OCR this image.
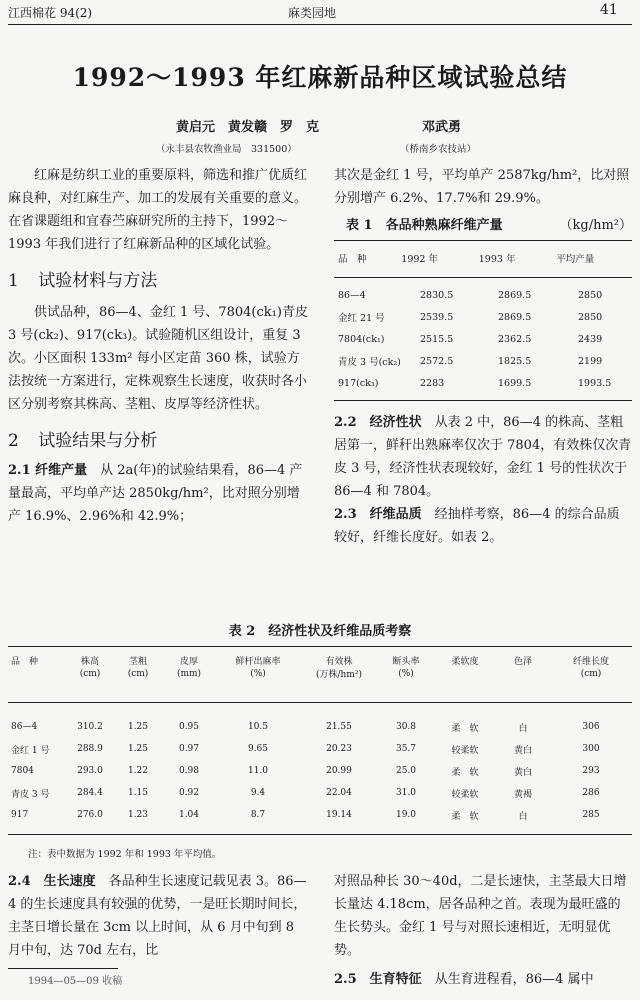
江西棉花 94(2)	麻类园地	41
1992～1993 年红麻新品种区域试验总结
黄启元　黄发赣　罗　克
（永丰县农牧渔业局　331500）
邓武勇
（桥南乡农技站）

红麻是纺织工业的重要原料，筛选和推广优质红麻良种，对红麻生产、加工的发展有关重要的意义。在省课题组和宜春苎麻研究所的主持下，1992～1993 年我们进行了红麻新品种的区域化试验。

1 试验材料与方法

供试品种，86—4、金红 1 号、7804(ck₁)青皮 3 号(ck₂)、917(ck₃)。试验随机区组设计，重复 3 次。小区面积 133m² 每小区定苗 360 株，试验方法按统一方案进行，定株观察生长速度，收获时各小区分别考察其株高、茎粗、皮厚等经济性状。

2 试验结果与分析

2.1 纤维产量　从 2a(年)的试验结果看，86—4 产量最高，平均单产达 2850kg/hm²，比对照分别增产 16.9%、2.96%和 42.9%；

其次是金红 1 号，平均单产 2587kg/hm²，比对照分别增产 6.2%、17.7%和 29.9%。

表 1　各品种熟麻纤维产量	（kg/hm²）
品　种	1992 年	1993 年	平均产量
86—4	2830.5	2869.5	2850
金红 21 号	2539.5	2869.5	2850
7804(ck₁)	2515.5	2362.5	2439
青皮 3 号(ck₂)	2572.5	1825.5	2199
917(ck₃)	2283	1699.5	1993.5

2.2　经济性状　从表 2 中，86—4 的株高、茎粗居第一，鲜秆出熟麻率仅次于 7804，有效株仅次青皮 3 号，经济性状表现较好，金红 1 号的性状次于 86—4 和 7804。

2.3　纤维品质　经抽样考察，86—4 的综合品质较好，纤维长度好。如表 2。

表 2　经济性状及纤维品质考察
品　种	株高	茎粗	皮厚	鲜杆出麻率	有效株	断头率	柔软度	色泽	纤维长度
	(cm)	(cm)	(mm)	(%)	(万株/hm²)	(%)			(cm)
86—4	310.2	1.25	0.95	10.5	21.55	30.8	柔　软	白	306
金红 1 号	288.9	1.25	0.97	9.65	20.23	35.7	较柔软	黄白	300
7804	293.0	1.22	0.98	11.0	20.99	25.0	柔　软	黄白	293
青皮 3 号	284.4	1.15	0.92	9.4	22.04	31.0	较柔软	黄褐	286
917	276.0	1.23	1.04	8.7	19.14	19.0	柔　软	白	285
注：表中数据为 1992 年和 1993 年平均值。

2.4　生长速度　各品种生长速度记载见表 3。86—4 的生长速度具有较强的优势，一是旺长期时间长，主茎日增长量在 3cm 以上时间，从 6 月中旬到 8 月中旬，达 70d 左右，比

1994—05—09 收稿

对照品种长 30～40d，二是长速快，主茎最大日增长量达 4.18cm，居各品种之首。表现为最旺盛的生长势头。金红 1 号与对照长速相近，无明显优势。

2.5　生育特征　从生育进程看，86—4 属中
